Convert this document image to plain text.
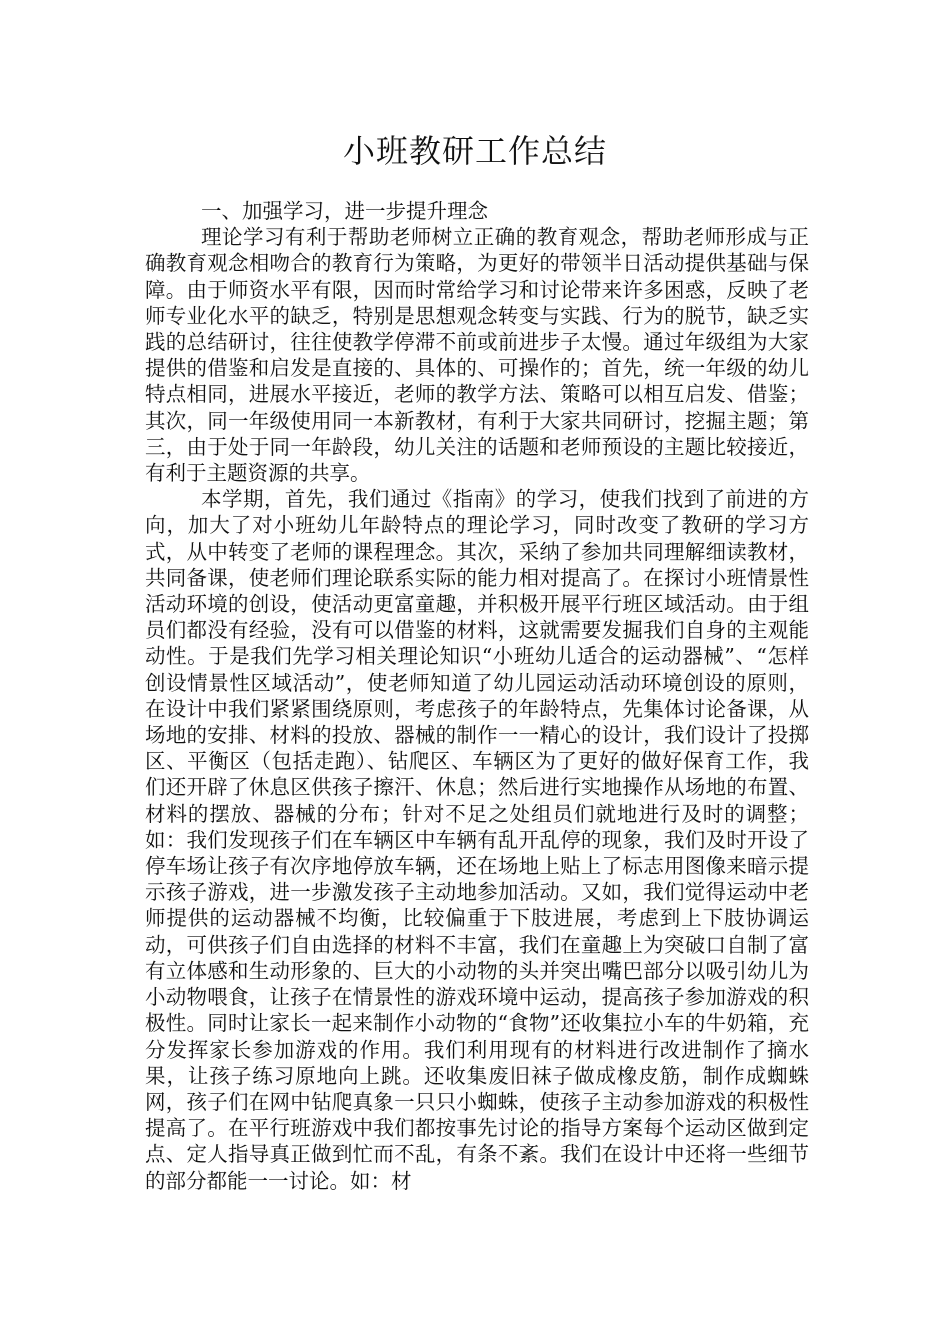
小班教研工作总结
一、加强学习，进一步提升理念

理论学习有利于帮助老师树立正确的教育观念，帮助老师形成与正确教育观念相吻合的教育行为策略，为更好的带领半日活动提供基础与保障。由于师资水平有限，因而时常给学习和讨论带来许多困惑，反映了老师专业化水平的缺乏，特别是思想观念转变与实践、行为的脱节，缺乏实践的总结研讨，往往使教学停滞不前或前进步子太慢。通过年级组为大家提供的借鉴和启发是直接的、具体的、可操作的；首先，统一年级的幼儿特点相同，进展水平接近，老师的教学方法、策略可以相互启发、借鉴；其次，同一年级使用同一本新教材，有利于大家共同研讨，挖掘主题；第三，由于处于同一年龄段，幼儿关注的话题和老师预设的主题比较接近，有利于主题资源的共享。

本学期，首先，我们通过《指南》的学习，使我们找到了前进的方向，加大了对小班幼儿年龄特点的理论学习，同时改变了教研的学习方式，从中转变了老师的课程理念。其次，采纳了参加共同理解细读教材，共同备课，使老师们理论联系实际的能力相对提高了。在探讨小班情景性活动环境的创设，使活动更富童趣，并积极开展平行班区域活动。由于组员们都没有经验，没有可以借鉴的材料，这就需要发掘我们自身的主观能动性。于是我们先学习相关理论知识“小班幼儿适合的运动器械”、“怎样创设情景性区域活动”，使老师知道了幼儿园运动活动环境创设的原则，在设计中我们紧紧围绕原则，考虑孩子的年龄特点，先集体讨论备课，从场地的安排、材料的投放、器械的制作一一精心的设计，我们设计了投掷区、平衡区（包括走跑）、钻爬区、车辆区为了更好的做好保育工作，我们还开辟了休息区供孩子擦汗、休息；然后进行实地操作从场地的布置、材料的摆放、器械的分布；针对不足之处组员们就地进行及时的调整；如：我们发现孩子们在车辆区中车辆有乱开乱停的现象，我们及时开设了停车场让孩子有次序地停放车辆，还在场地上贴上了标志用图像来暗示提示孩子游戏，进一步激发孩子主动地参加活动。又如，我们觉得运动中老师提供的运动器械不均衡，比较偏重于下肢进展，考虑到上下肢协调运动，可供孩子们自由选择的材料不丰富，我们在童趣上为突破口自制了富有立体感和生动形象的、巨大的小动物的头并突出嘴巴部分以吸引幼儿为小动物喂食，让孩子在情景性的游戏环境中运动，提高孩子参加游戏的积极性。同时让家长一起来制作小动物的“食物”还收集拉小车的牛奶箱，充分发挥家长参加游戏的作用。我们利用现有的材料进行改进制作了摘水果，让孩子练习原地向上跳。还收集废旧袜子做成橡皮筋，制作成蜘蛛网，孩子们在网中钻爬真象一只只小蜘蛛，使孩子主动参加游戏的积极性提高了。在平行班游戏中我们都按事先讨论的指导方案每个运动区做到定点、定人指导真正做到忙而不乱，有条不紊。我们在设计中还将一些细节的部分都能一一讨论。如：材
